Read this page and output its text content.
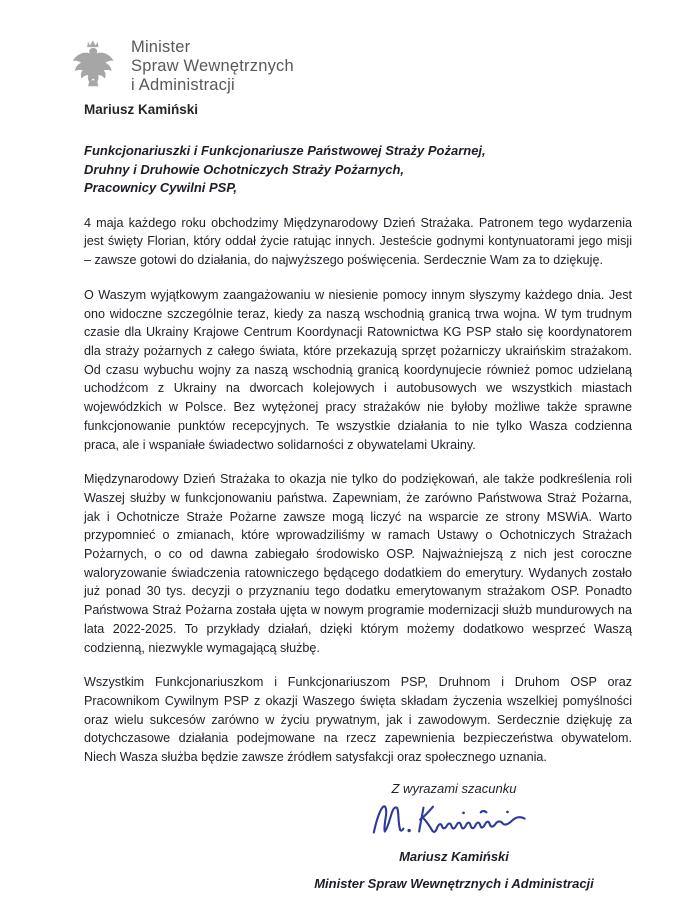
Minister
Spraw Wewnętrznych
i Administracji
Mariusz Kamiński
Funkcjonariuszki i Funkcjonariusze Państwowej Straży Pożarnej,
Druhny i Druhowie Ochotniczych Straży Pożarnych,
Pracownicy Cywilni PSP,

4 maja każdego roku obchodzimy Międzynarodowy Dzień Strażaka. Patronem tego wydarzenia jest święty Florian, który oddał życie ratując innych. Jesteście godnymi kontynuatorami jego misji – zawsze gotowi do działania, do najwyższego poświęcenia. Serdecznie Wam za to dziękuję.

O Waszym wyjątkowym zaangażowaniu w niesienie pomocy innym słyszymy każdego dnia. Jest ono widoczne szczególnie teraz, kiedy za naszą wschodnią granicą trwa wojna. W tym trudnym czasie dla Ukrainy Krajowe Centrum Koordynacji Ratownictwa KG PSP stało się koordynatorem dla straży pożarnych z całego świata, które przekazują sprzęt pożarniczy ukraińskim strażakom. Od czasu wybuchu wojny za naszą wschodnią granicą koordynujecie również pomoc udzielaną uchodźcom z Ukrainy na dworcach kolejowych i autobusowych we wszystkich miastach wojewódzkich w Polsce. Bez wytężonej pracy strażaków nie byłoby możliwe także sprawne funkcjonowanie punktów recepcyjnych. Te wszystkie działania to nie tylko Wasza codzienna praca, ale i wspaniałe świadectwo solidarności z obywatelami Ukrainy.

Międzynarodowy Dzień Strażaka to okazja nie tylko do podziękowań, ale także podkreślenia roli Waszej służby w funkcjonowaniu państwa. Zapewniam, że zarówno Państwowa Straż Pożarna, jak i Ochotnicze Straże Pożarne zawsze mogą liczyć na wsparcie ze strony MSWiA. Warto przypomnieć o zmianach, które wprowadziliśmy w ramach Ustawy o Ochotniczych Strażach Pożarnych, o co od dawna zabiegało środowisko OSP. Najważniejszą z nich jest coroczne waloryzowanie świadczenia ratowniczego będącego dodatkiem do emerytury. Wydanych zostało już ponad 30 tys. decyzji o przyznaniu tego dodatku emerytowanym strażakom OSP. Ponadto Państwowa Straż Pożarna została ujęta w nowym programie modernizacji służb mundurowych na lata 2022-2025. To przykłady działań, dzięki którym możemy dodatkowo wesprzeć Waszą codzienną, niezwykle wymagającą służbę.

Wszystkim Funkcjonariuszkom i Funkcjonariuszom PSP, Druhnom i Druhom OSP oraz Pracownikom Cywilnym PSP z okazji Waszego święta składam życzenia wszelkiej pomyślności oraz wielu sukcesów zarówno w życiu prywatnym, jak i zawodowym. Serdecznie dziękuję za dotychczasowe działania podejmowane na rzecz zapewnienia bezpieczeństwa obywatelom. Niech Wasza służba będzie zawsze źródłem satysfakcji oraz społecznego uznania.

Z wyrazami szacunku
Mariusz Kamiński
Minister Spraw Wewnętrznych i Administracji
